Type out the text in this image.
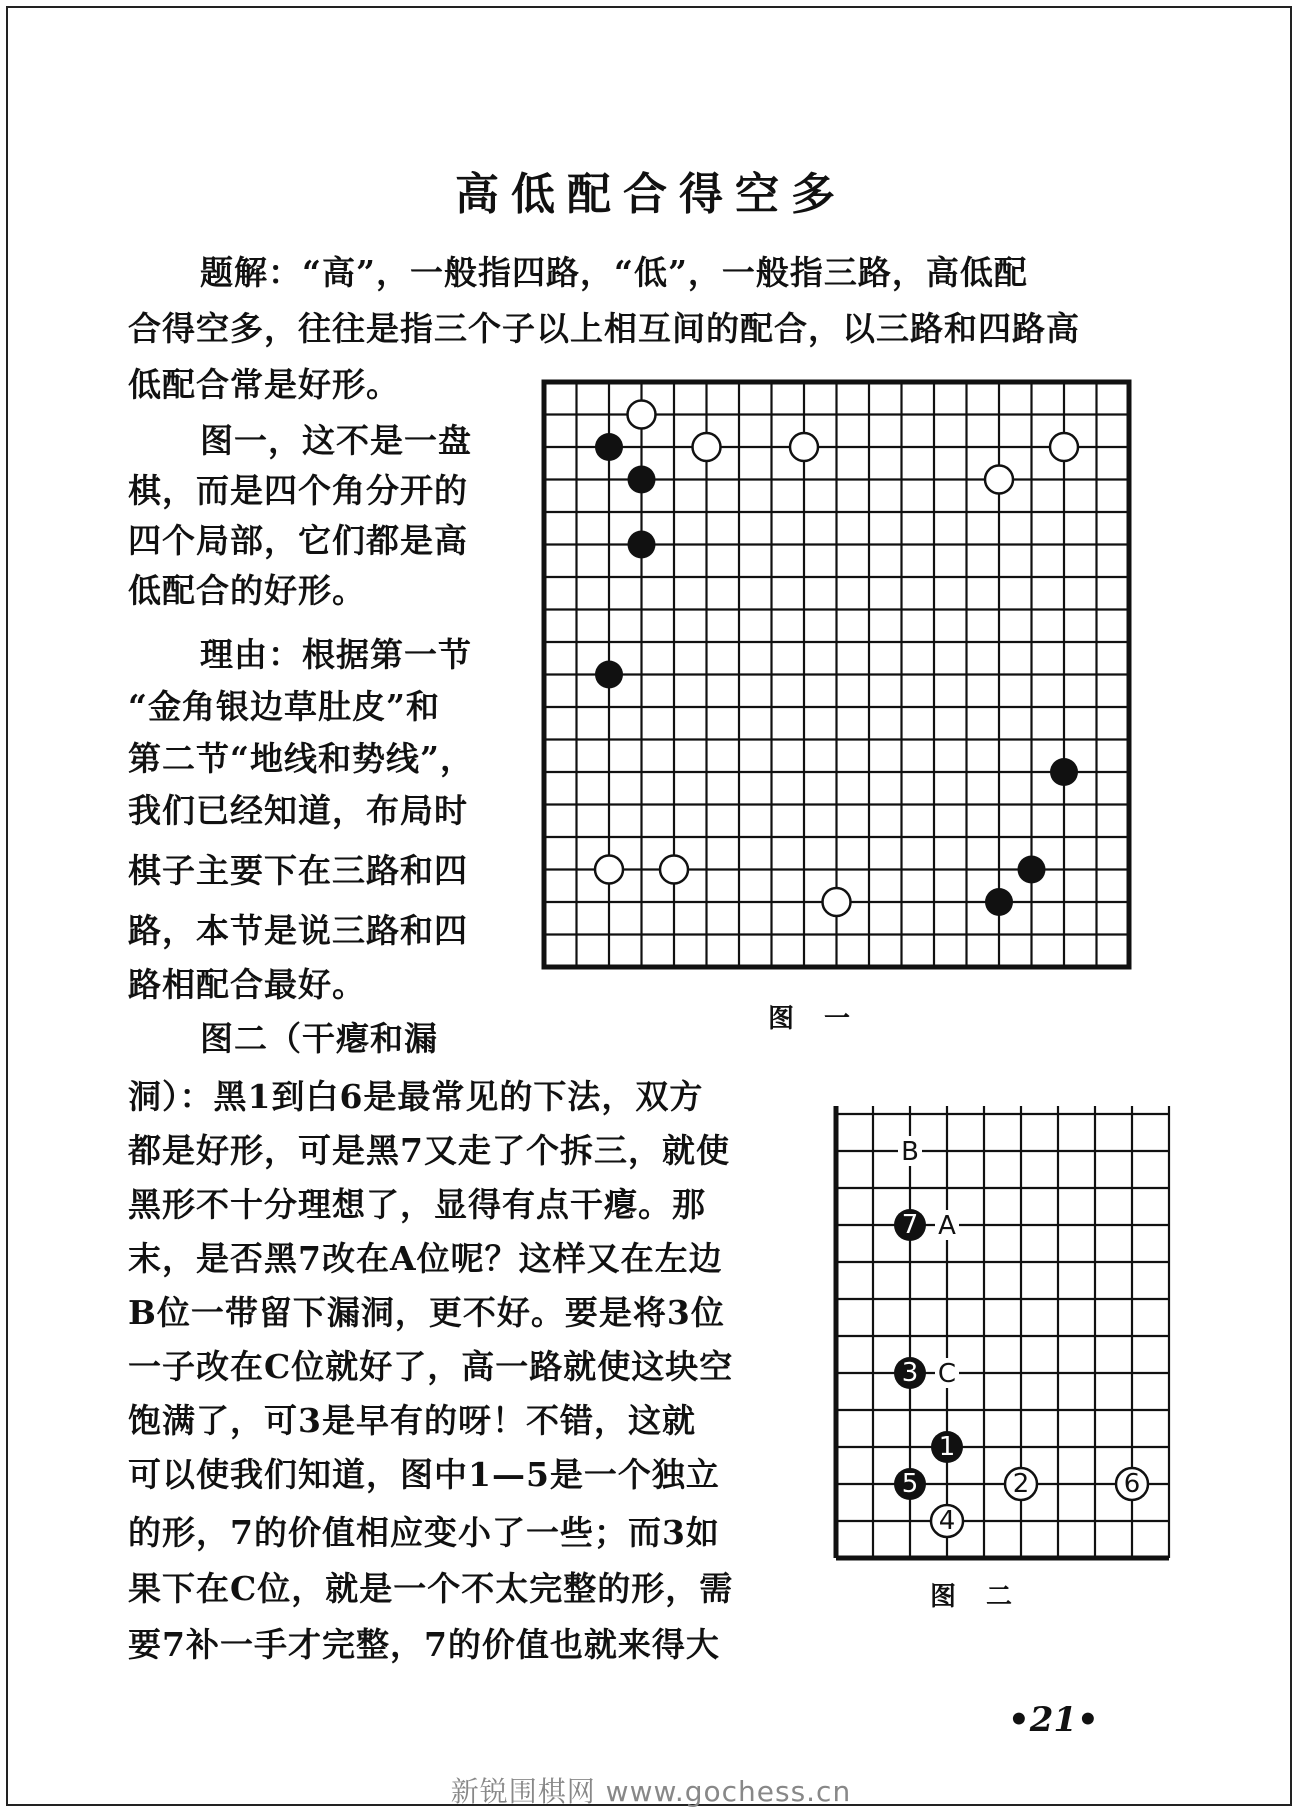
高低配合得空多
题解：“高”，一般指四路，“低”，一般指三路，高低配
合得空多，往往是指三个子以上相互间的配合，以三路和四路高
低配合常是好形。
图一，这不是一盘
棋，而是四个角分开的
四个局部，它们都是高
低配合的好形。
理由：根据第一节
“金角银边草肚皮”和
第二节“地线和势线”，
我们已经知道，布局时
棋子主要下在三路和四
路，本节是说三路和四
路相配合最好。
图二（干瘪和漏
洞）：黑1到白6是最常见的下法，双方
都是好形，可是黑7又走了个拆三，就使
黑形不十分理想了，显得有点干瘪。那
末，是否黑7改在A位呢？这样又在左边
B位一带留下漏洞，更不好。要是将3位
一子改在C位就好了，高一路就使这块空
饱满了，可3是早有的呀！不错，这就
可以使我们知道，图中1—5是一个独立
的形，7的价值相应变小了一些；而3如
果下在C位，就是一个不太完整的形，需
要7补一手才完整，7的价值也就来得大
图一
B
A
C
7
3
1
5	2	6
4
图二
•21•
新锐围棋网 www.gochess.cn
